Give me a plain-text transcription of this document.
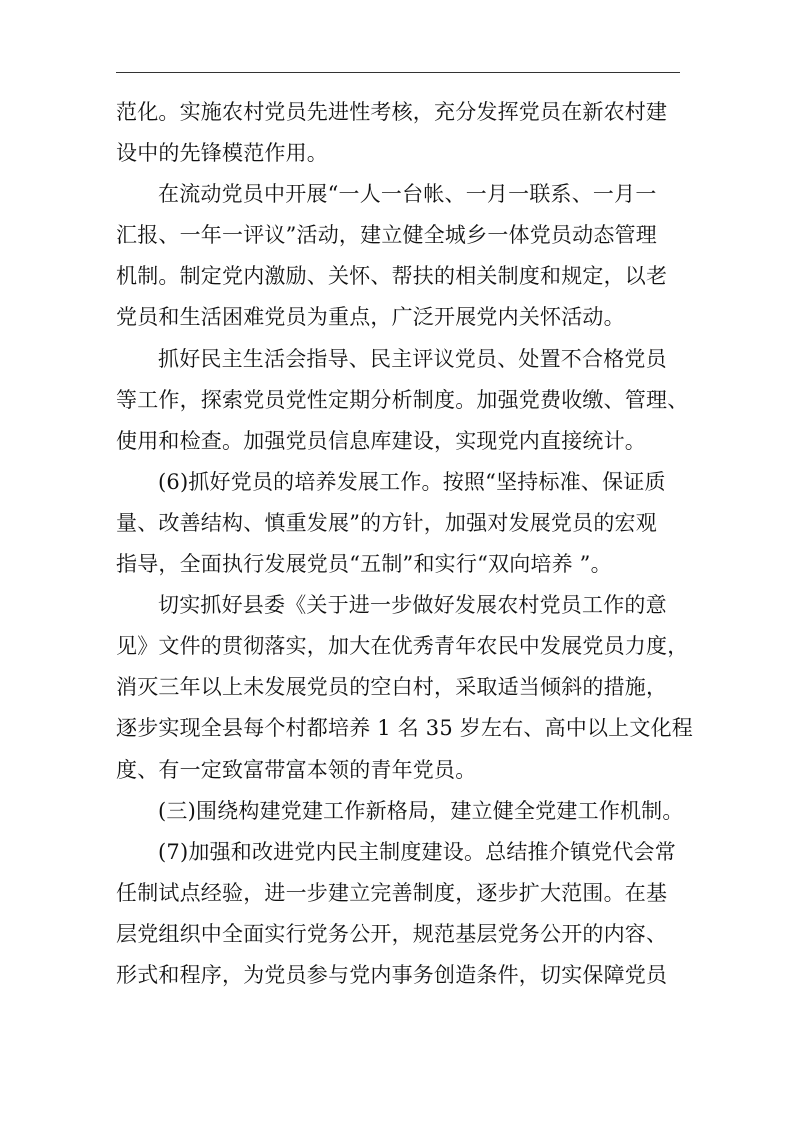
范化。实施农村党员先进性考核，充分发挥党员在新农村建
设中的先锋模范作用。
在流动党员中开展“一人一台帐、一月一联系、一月一
汇报、一年一评议”活动，建立健全城乡一体党员动态管理
机制。制定党内激励、关怀、帮扶的相关制度和规定，以老
党员和生活困难党员为重点，广泛开展党内关怀活动。
抓好民主生活会指导、民主评议党员、处置不合格党员
等工作，探索党员党性定期分析制度。加强党费收缴、管理、
使用和检查。加强党员信息库建设，实现党内直接统计。
(6)抓好党员的培养发展工作。按照“坚持标准、保证质
量、改善结构、慎重发展”的方针，加强对发展党员的宏观
指导，全面执行发展党员“五制”和实行“双向培养 ”。
切实抓好县委《关于进一步做好发展农村党员工作的意
见》文件的贯彻落实，加大在优秀青年农民中发展党员力度，
消灭三年以上未发展党员的空白村，采取适当倾斜的措施，
逐步实现全县每个村都培养 1 名 35 岁左右、高中以上文化程
度、有一定致富带富本领的青年党员。
(三)围绕构建党建工作新格局，建立健全党建工作机制。
(7)加强和改进党内民主制度建设。总结推介镇党代会常
任制试点经验，进一步建立完善制度，逐步扩大范围。在基
层党组织中全面实行党务公开，规范基层党务公开的内容、
形式和程序，为党员参与党内事务创造条件，切实保障党员
